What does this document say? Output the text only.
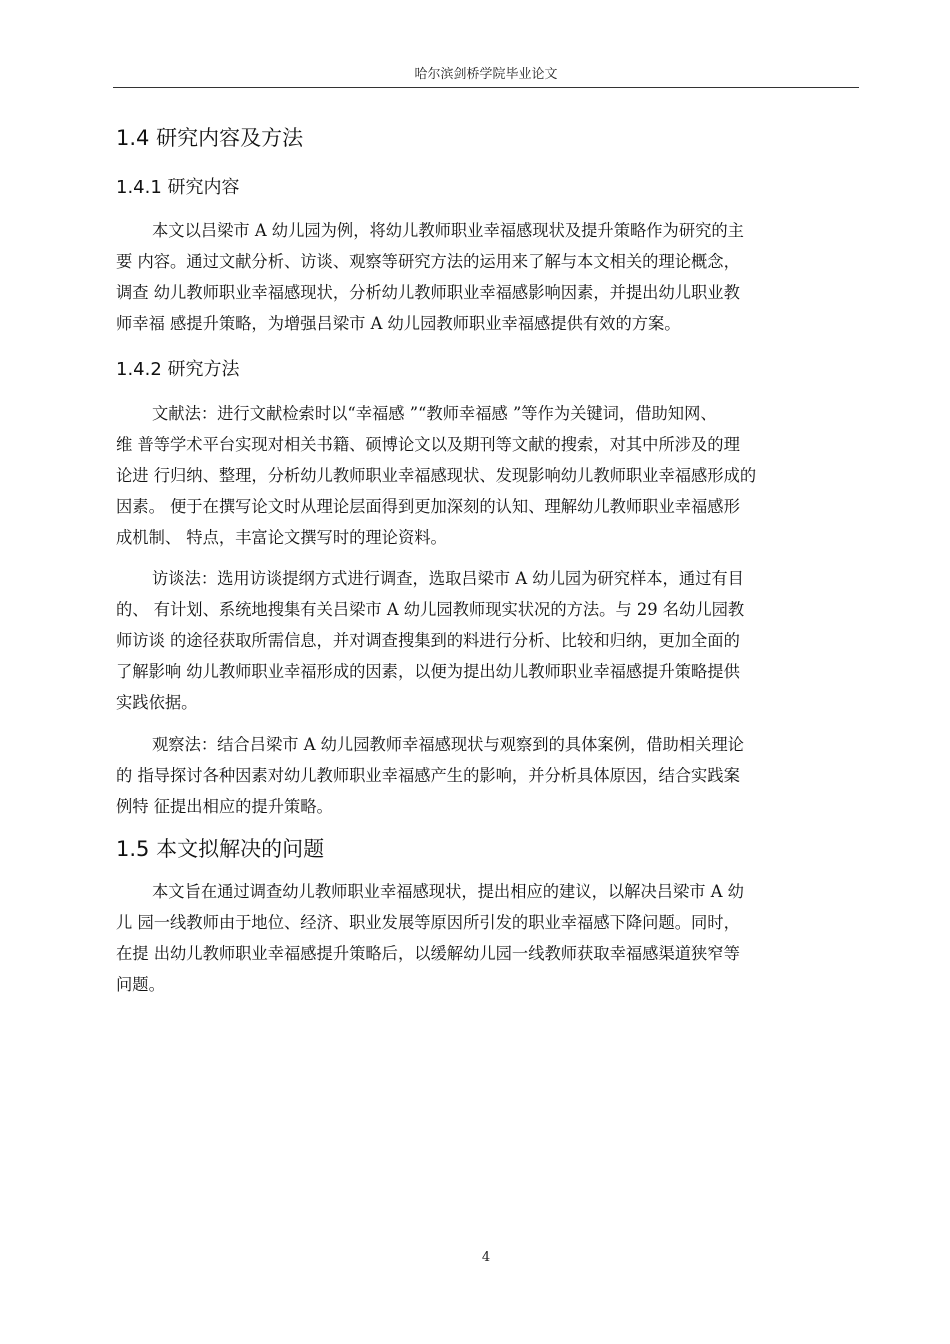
哈尔滨剑桥学院毕业论文
1.4 研究内容及方法
1.4.1 研究内容
本文以吕梁市 A 幼儿园为例，将幼儿教师职业幸福感现状及提升策略作为研究的主
要 内容。通过文献分析、访谈、观察等研究方法的运用来了解与本文相关的理论概念，
调查 幼儿教师职业幸福感现状，分析幼儿教师职业幸福感影响因素，并提出幼儿职业教
师幸福 感提升策略，为增强吕梁市 A 幼儿园教师职业幸福感提供有效的方案。
1.4.2 研究方法
文献法：进行文献检索时以“幸福感 ”“教师幸福感 ”等作为关键词，借助知网、
维 普等学术平台实现对相关书籍、硕博论文以及期刊等文献的搜索，对其中所涉及的理
论进 行归纳、整理，分析幼儿教师职业幸福感现状、发现影响幼儿教师职业幸福感形成的
因素。 便于在撰写论文时从理论层面得到更加深刻的认知、理解幼儿教师职业幸福感形
成机制、 特点，丰富论文撰写时的理论资料。
访谈法：选用访谈提纲方式进行调查，选取吕梁市 A 幼儿园为研究样本，通过有目
的、 有计划、系统地搜集有关吕梁市 A 幼儿园教师现实状况的方法。与 29 名幼儿园教
师访谈 的途径获取所需信息，并对调查搜集到的料进行分析、比较和归纳，更加全面的
了解影响 幼儿教师职业幸福形成的因素，以便为提出幼儿教师职业幸福感提升策略提供
实践依据。
观察法：结合吕梁市 A 幼儿园教师幸福感现状与观察到的具体案例，借助相关理论
的 指导探讨各种因素对幼儿教师职业幸福感产生的影响，并分析具体原因，结合实践案
例特 征提出相应的提升策略。
1.5 本文拟解决的问题
本文旨在通过调查幼儿教师职业幸福感现状，提出相应的建议，以解决吕梁市 A 幼
儿 园一线教师由于地位、经济、职业发展等原因所引发的职业幸福感下降问题。同时，
在提 出幼儿教师职业幸福感提升策略后，以缓解幼儿园一线教师获取幸福感渠道狭窄等
问题。
4
